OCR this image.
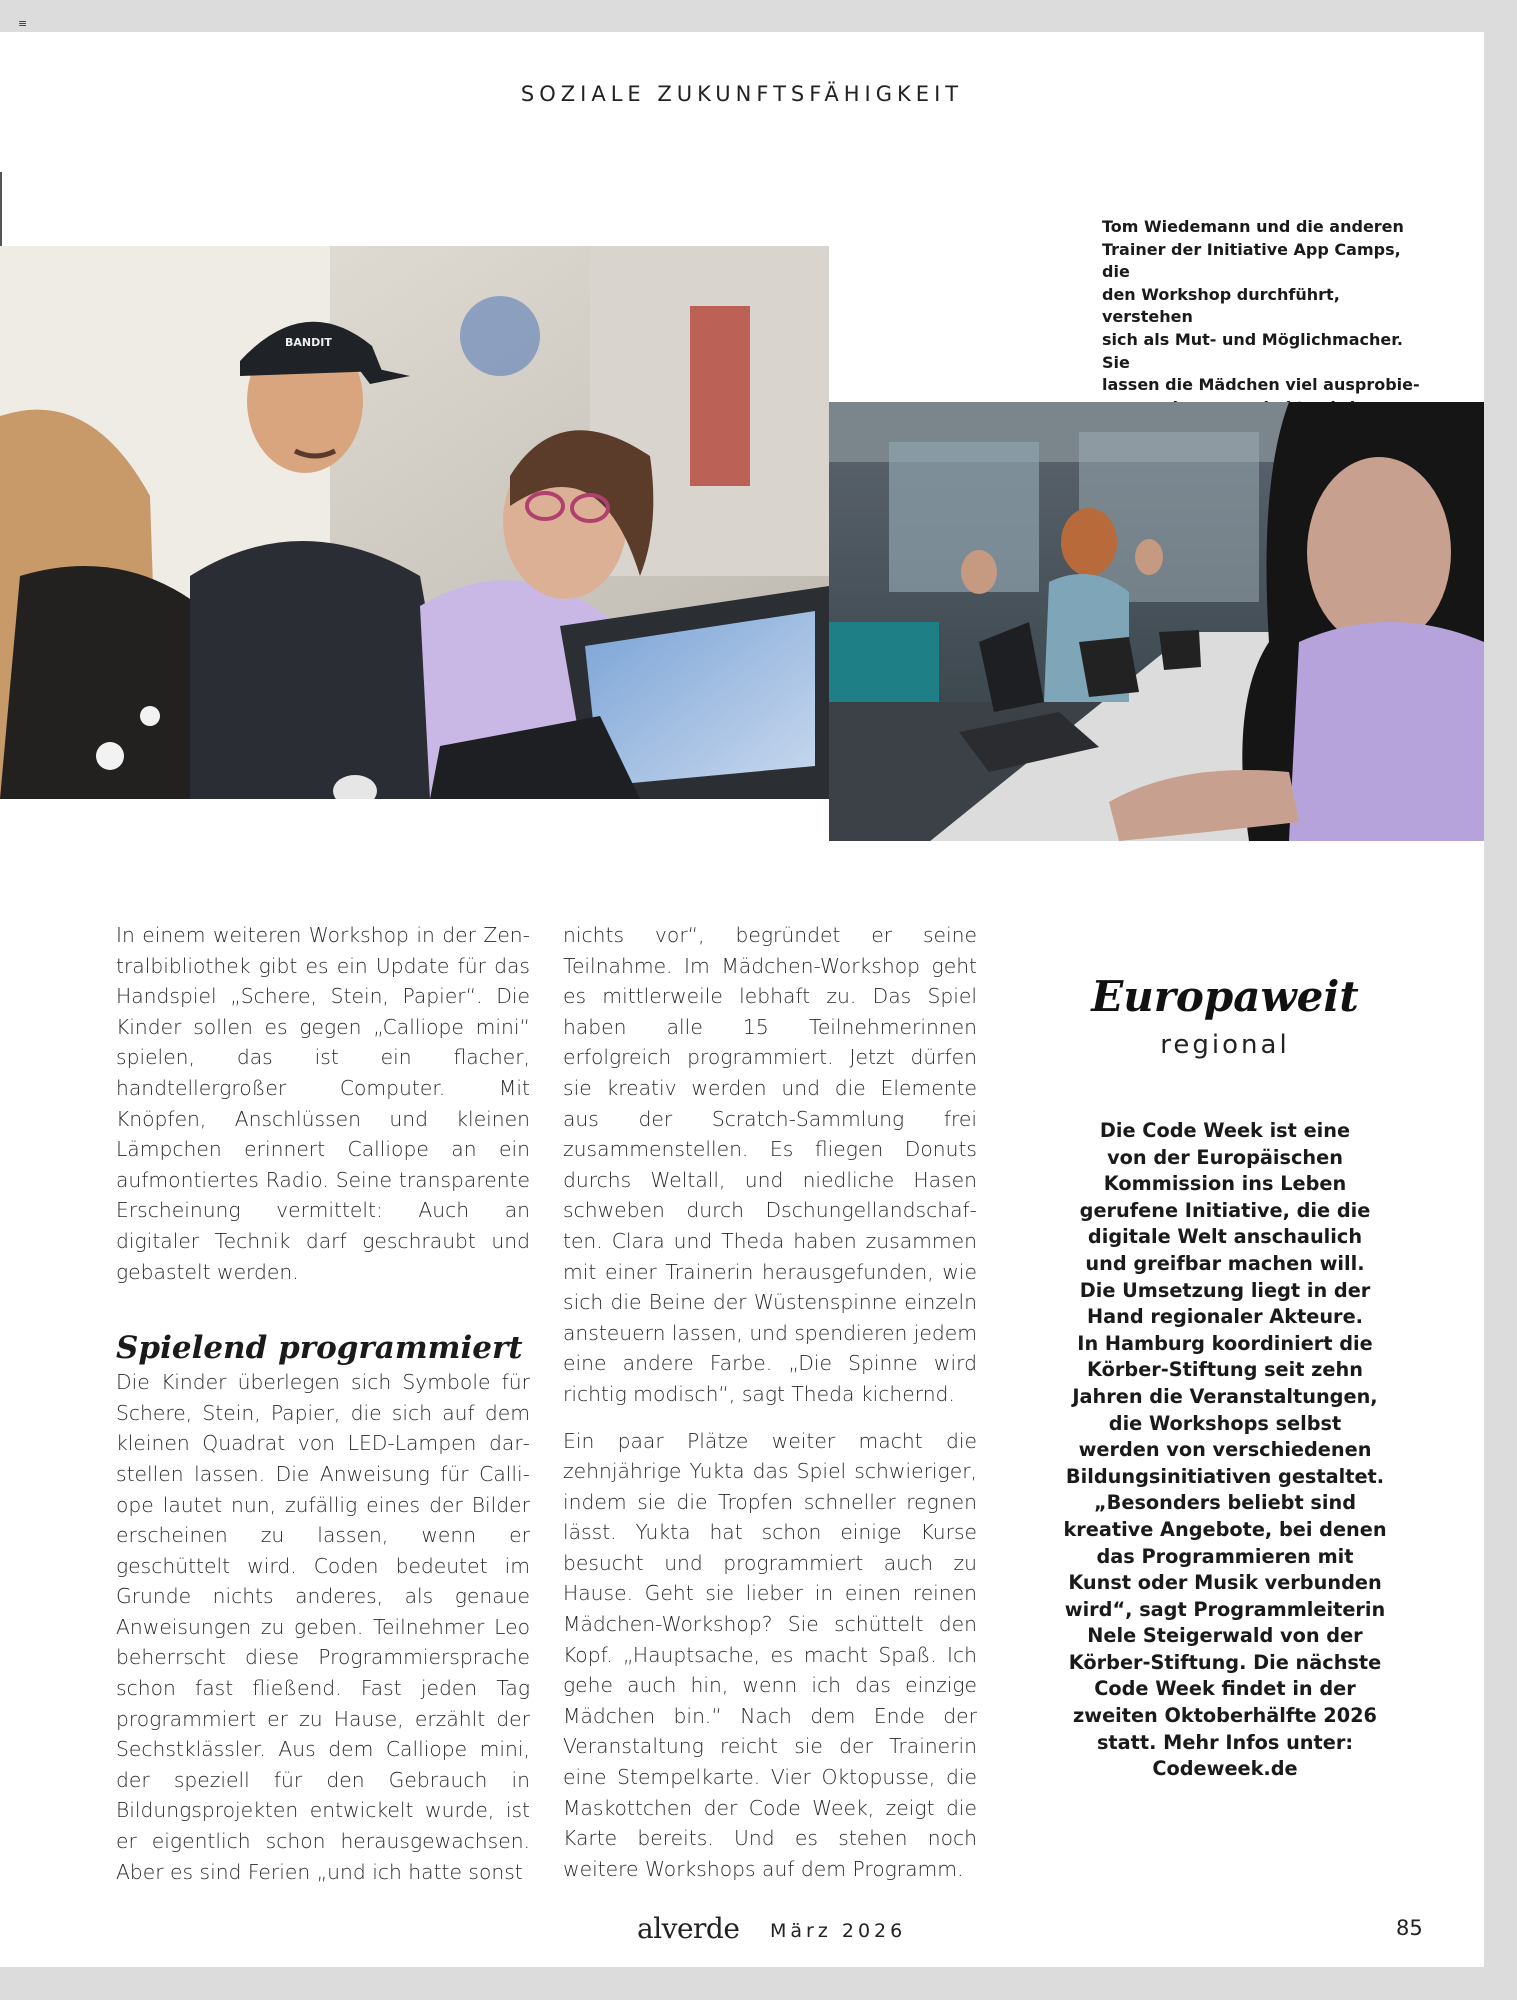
≡
SOZIALE ZUKUNFTSFÄHIGKEIT
Tom Wiedemann und die anderen
Trainer der Initiative App Camps, die
den Workshop durchführt, verstehen
sich als Mut- und Möglichmacher. Sie
lassen die Mädchen viel ausprobie-
BANDIT

In einem weiteren Workshop in der Zentralbibliothek gibt es ein Update für das Handspiel „Schere, Stein, Papier“. Die Kinder sollen es gegen „Calliope mini“ spielen, das ist ein flacher, handtellergroßer Computer. Mit Knöpfen, Anschlüssen und kleinen Lämpchen erinnert Calliope an ein aufmontiertes Radio. Seine transparente Erscheinung vermittelt: Auch an digitaler Technik darf geschraubt und gebastelt werden.

Spielend programmiert

Die Kinder überlegen sich Symbole für Schere, Stein, Papier, die sich auf dem kleinen Quadrat von LED-Lampen darstellen lassen. Die Anweisung für Calliope lautet nun, zufällig eines der Bilder erscheinen zu lassen, wenn er geschüttelt wird. Coden bedeutet im Grunde nichts anderes, als genaue Anweisungen zu geben. Teilnehmer Leo beherrscht diese Programmiersprache schon fast fließend. Fast jeden Tag programmiert er zu Hause, erzählt der Sechstklässler. Aus dem Calliope mini, der speziell für den Gebrauch in Bildungsprojekten entwickelt wurde, ist er eigentlich schon herausgewachsen. Aber es sind Ferien „und ich hatte sonst

nichts vor“, begründet er seine Teilnahme. Im Mädchen-Workshop geht es mittlerweile lebhaft zu. Das Spiel haben alle 15 Teilnehmerinnen erfolgreich programmiert. Jetzt dürfen sie kreativ werden und die Elemente aus der Scratch-Sammlung frei zusammenstellen. Es fliegen Donuts durchs Weltall, und niedliche Hasen schweben durch Dschungellandschaften. Clara und Theda haben zusammen mit einer Trainerin herausgefunden, wie sich die Beine der Wüstenspinne einzeln ansteuern lassen, und spendieren jedem eine andere Farbe. „Die Spinne wird richtig modisch“, sagt Theda kichernd.

Ein paar Plätze weiter macht die zehnjährige Yukta das Spiel schwieriger, indem sie die Tropfen schneller regnen lässt. Yukta hat schon einige Kurse besucht und programmiert auch zu Hause. Geht sie lieber in einen reinen Mädchen-Workshop? Sie schüttelt den Kopf. „Hauptsache, es macht Spaß. Ich gehe auch hin, wenn ich das einzige Mädchen bin.“ Nach dem Ende der Veranstaltung reicht sie der Trainerin eine Stempelkarte. Vier Oktopusse, die Maskottchen der Code Week, zeigt die Karte bereits. Und es stehen noch weitere Workshops auf dem Programm.

Europaweit
regional
Die Code Week ist eine
von der Europäischen
Kommission ins Leben
gerufene Initiative, die die
digitale Welt anschaulich
und greifbar machen will.
Die Umsetzung liegt in der
Hand regionaler Akteure.
In Hamburg koordiniert die
Körber-Stiftung seit zehn
Jahren die Veranstaltungen,
die Workshops selbst
werden von verschiedenen
Bildungsinitiativen gestaltet.
„Besonders beliebt sind
kreative Angebote, bei denen
das Programmieren mit
Kunst oder Musik verbunden
wird“, sagt Programmleiterin
Nele Steigerwald von der
Körber-Stiftung. Die nächste
Code Week findet in der
zweiten Oktoberhälfte 2026
statt. Mehr Infos unter:
Codeweek.de
alverde März 2026	85
